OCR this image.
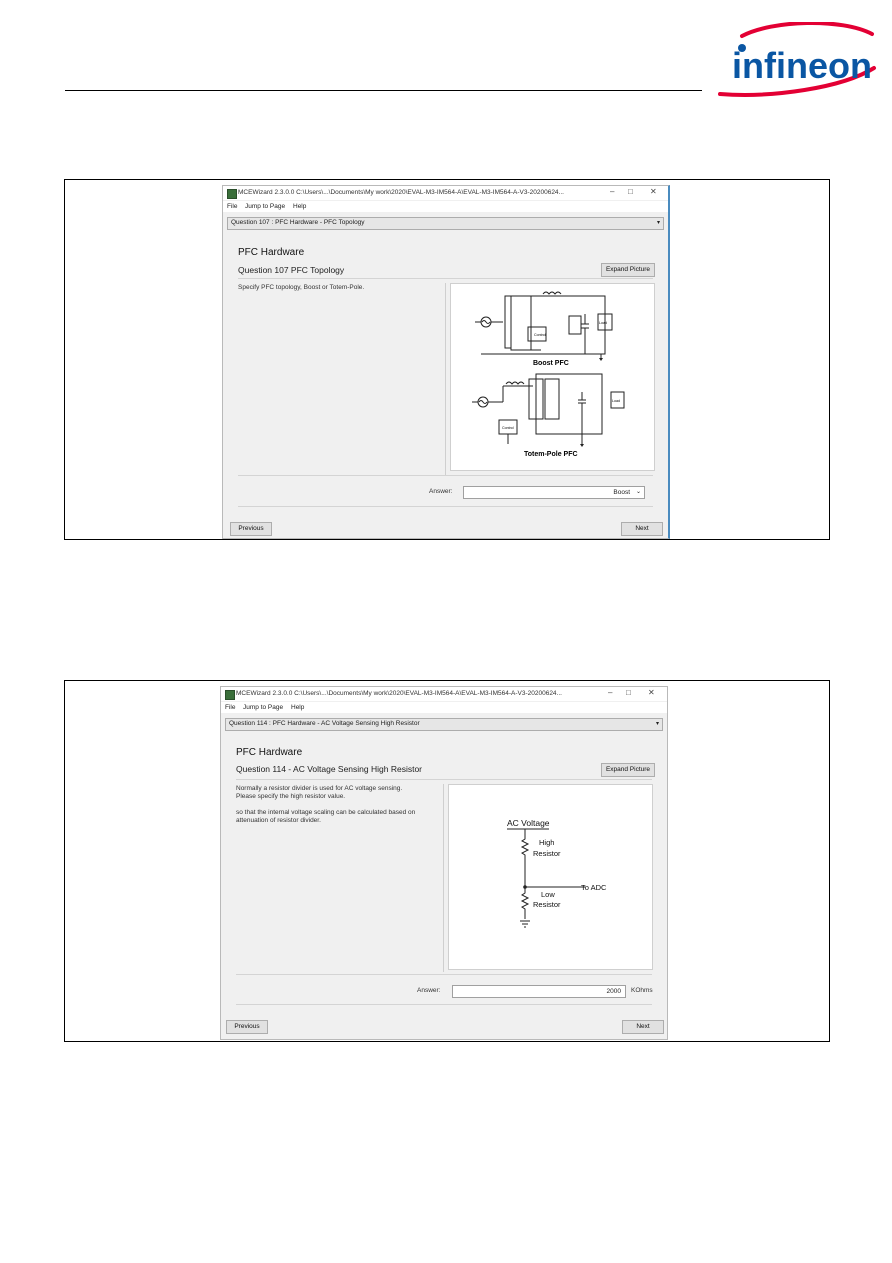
infineon
MCEWizard 2.3.0.0 C:\Users\...\Documents\My work\2020\EVAL-M3-IM564-A\EVAL-M3-IM564-A-V3-20200624...	– □ ✕
File Jump to Page Help
Question 107 : PFC Hardware - PFC Topology	▾
PFC Hardware
Question 107 PFC Topology	Expand Picture
Specify PFC topology, Boost or Totem-Pole.
Control
Load
Boost PFC
Control
Load
Totem-Pole PFC
Answer:	Boost ⌄
Previous	Next
MCEWizard 2.3.0.0 C:\Users\...\Documents\My work\2020\EVAL-M3-IM564-A\EVAL-M3-IM564-A-V3-20200624...	– □ ✕
File Jump to Page Help
Question 114 : PFC Hardware - AC Voltage Sensing High Resistor	▾
PFC Hardware
Question 114 - AC Voltage Sensing High Resistor	Expand Picture
Normally a resistor divider is used for AC voltage sensing.
Please specify the high resistor value.
so that the internal voltage scaling can be calculated based on
attenuation of resistor divider.	AC Voltage
High
Resistor
To ADC
Low
Resistor
Answer:	2000 KOhms
Previous	Next
